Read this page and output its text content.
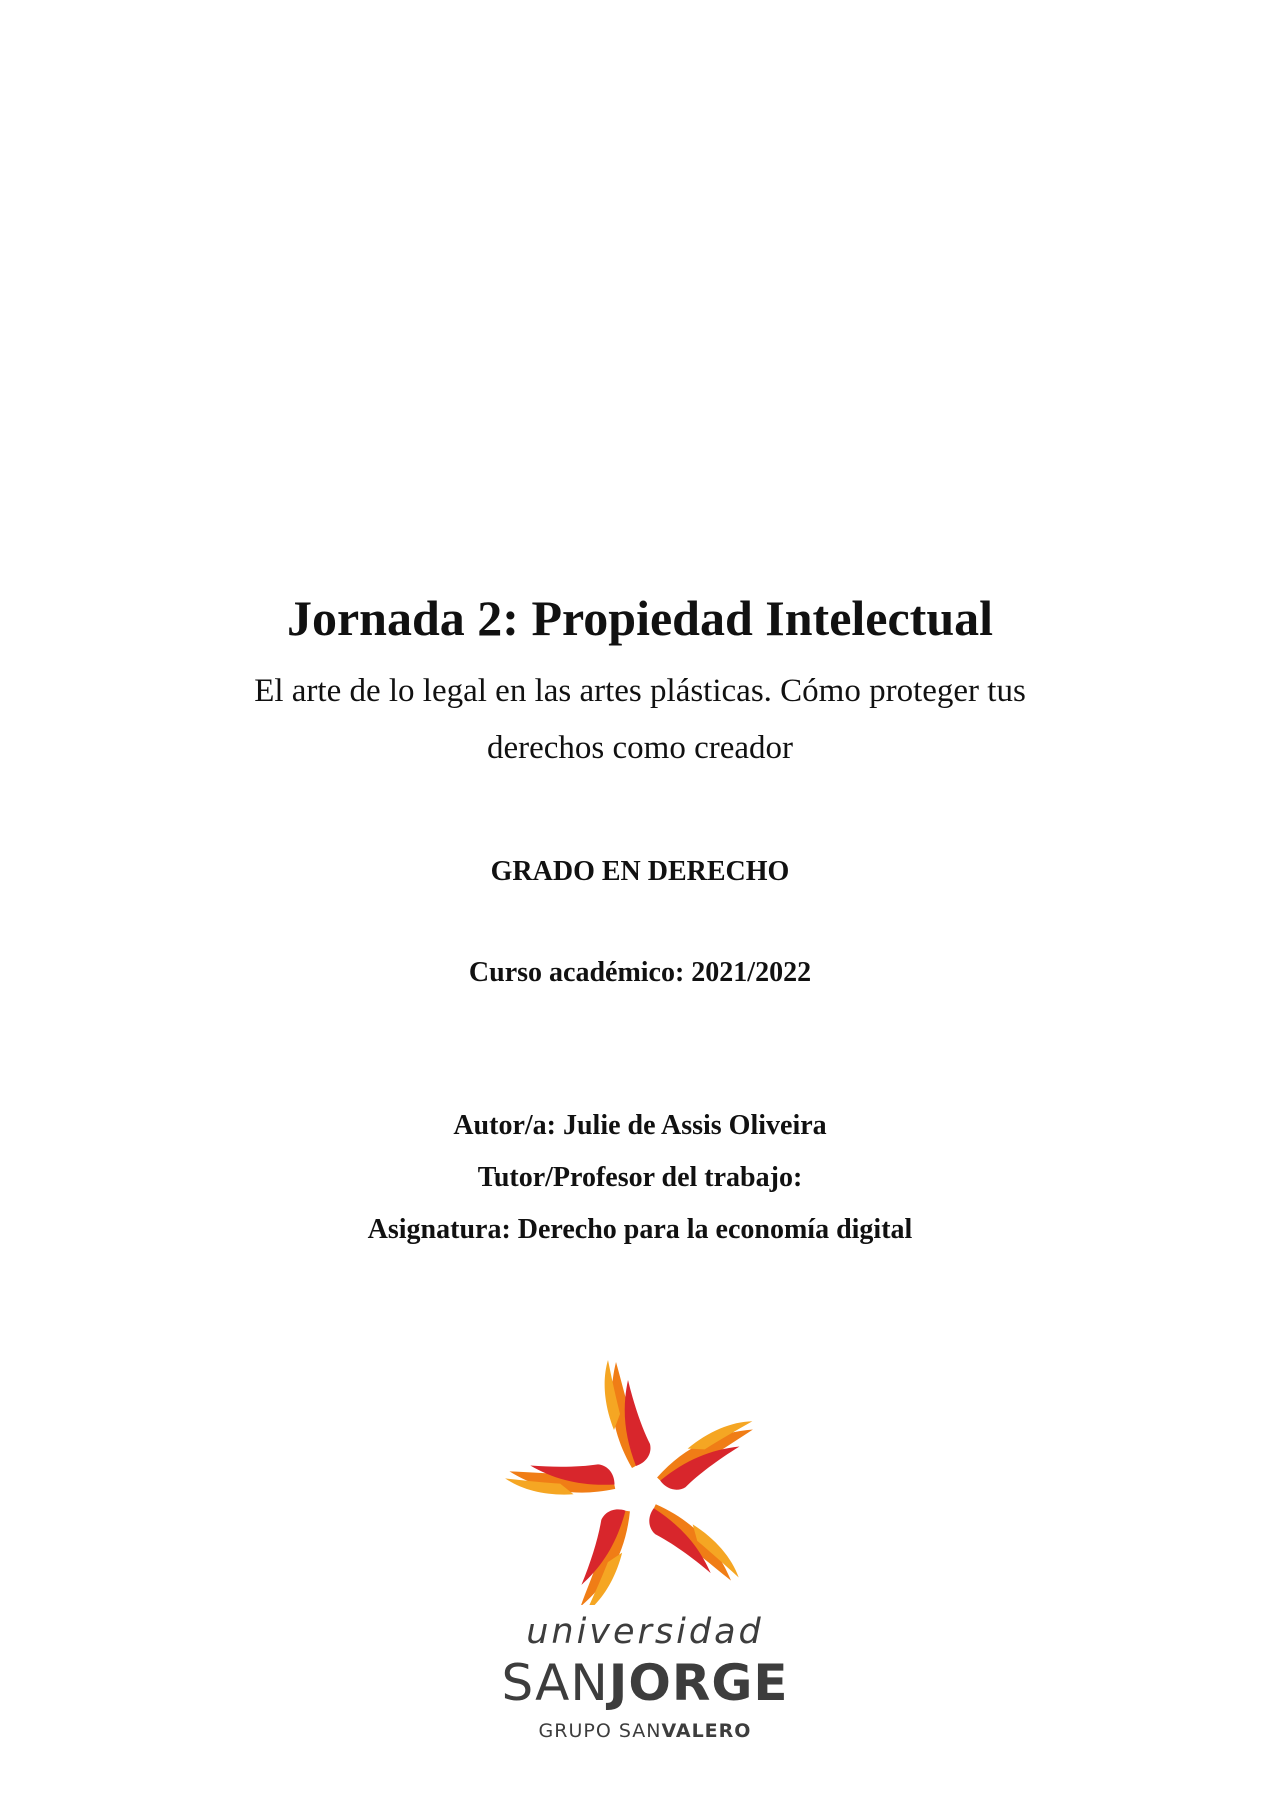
Jornada 2: Propiedad Intelectual
El arte de lo legal en las artes plásticas. Cómo proteger tus
derechos como creador
GRADO EN DERECHO
Curso académico: 2021/2022
Autor/a: Julie de Assis Oliveira
Tutor/Profesor del trabajo:
Asignatura: Derecho para la economía digital
universidad
SANJORGE
GRUPO SANVALERO
